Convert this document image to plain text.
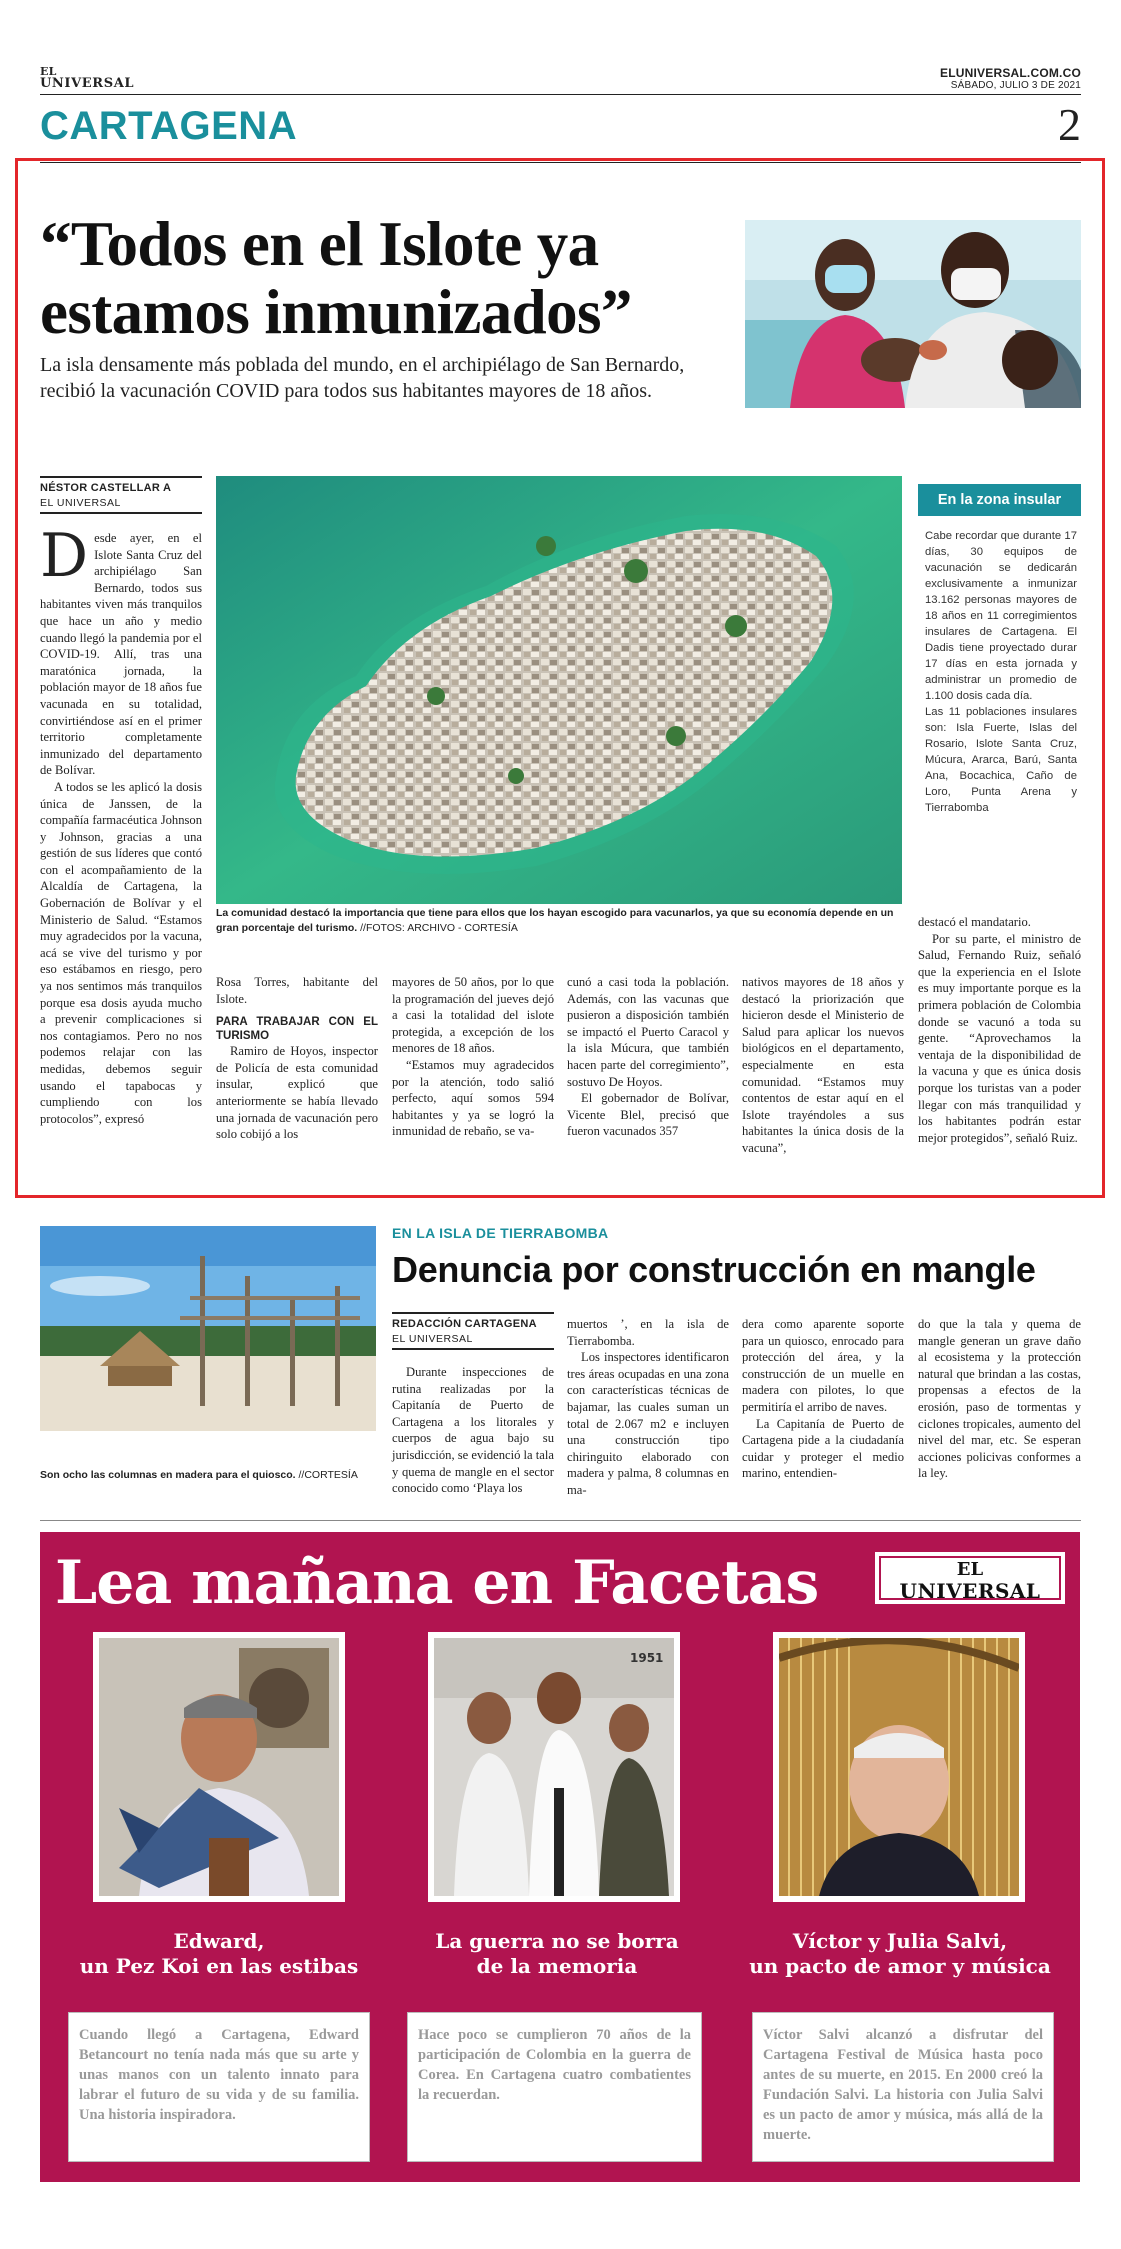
EL
UNIVERSAL
ELUNIVERSAL.COM.CO
SÁBADO, JULIO 3 DE 2021
CARTAGENA	2
“Todos en el Islote ya
estamos inmunizados”
La isla densamente más poblada del mundo, en el archipiélago de San Bernardo, recibió la vacunación COVID para todos sus habitantes mayores de 18 años.
NÉSTOR CASTELLAR A
EL UNIVERSAL
La comunidad destacó la importancia que tiene para ellos que los hayan escogido para vacunarlos, ya que su economía depende en un gran porcentaje del turismo. //FOTOS: ARCHIVO - CORTESÍA

Desde ayer, en el Islote Santa Cruz del archipiélago San Bernardo, todos sus habitantes viven más tranquilos que hace un año y medio cuando llegó la pandemia por el COVID-19. Allí, tras una maratónica jornada, la población mayor de 18 años fue vacunada en su totalidad, convirtiéndose así en el primer territorio completamente inmunizado del departamento de Bolívar.

A todos se les aplicó la dosis única de Janssen, de la compañía farmacéutica Johnson y Johnson, gracias a una gestión de sus líderes que contó con el acompañamiento de la Alcaldía de Cartagena, la Gobernación de Bolívar y el Ministerio de Salud. “Estamos muy agradecidos por la vacuna, acá se vive del turismo y por eso estábamos en riesgo, pero ya nos sentimos más tranquilos porque esa dosis ayuda mucho a prevenir complicaciones si nos contagiamos. Pero no nos podemos relajar con las medidas, debemos seguir usando el tapabocas y cumpliendo con los protocolos”, expresó

Rosa Torres, habitante del Islote.

PARA TRABAJAR CON EL TURISMO

Ramiro de Hoyos, inspector de Policía de esta comunidad insular, explicó que anteriormente se había llevado una jornada de vacunación pero solo cobijó a los

mayores de 50 años, por lo que la programación del jueves dejó a casi la totalidad del islote protegida, a excepción de los menores de 18 años.

“Estamos muy agradecidos por la atención, todo salió perfecto, aquí somos 594 habitantes y ya se logró la inmunidad de rebaño, se va-

cunó a casi toda la población. Además, con las vacunas que pusieron a disposición también se impactó el Puerto Caracol y la isla Múcura, que también hacen parte del corregimiento”, sostuvo De Hoyos.

El gobernador de Bolívar, Vicente Blel, precisó que fueron vacunados 357

nativos mayores de 18 años y destacó la priorización que hicieron desde el Ministerio de Salud para aplicar los nuevos biológicos en el departamento, especialmente en esta comunidad. “Estamos muy contentos de estar aquí en el Islote trayéndoles a sus habitantes la única dosis de la vacuna”,

destacó el mandatario.

Por su parte, el ministro de Salud, Fernando Ruiz, señaló que la experiencia en el Islote es muy importante porque es la primera población de Colombia donde se vacunó a toda su gente. “Aprovechamos la ventaja de la disponibilidad de la vacuna y que es única dosis porque los turistas van a poder llegar con más tranquilidad y los habitantes podrán estar mejor protegidos”, señaló Ruiz.

En la zona insular

Cabe recordar que durante 17 días, 30 equipos de vacunación se dedicarán exclusivamente a inmunizar 13.162 personas mayores de 18 años en 11 corregimientos insulares de Cartagena. El Dadis tiene proyectado durar 17 días en esta jornada y administrar un promedio de 1.100 dosis cada día.

Las 11 poblaciones insulares son: Isla Fuerte, Islas del Rosario, Islote Santa Cruz, Múcura, Ararca, Barú, Santa Ana, Bocachica, Caño de Loro, Punta Arena y Tierrabomba

Son ocho las columnas en madera para el quiosco. //CORTESÍA
EN LA ISLA DE TIERRABOMBA
Denuncia por construcción en mangle
REDACCIÓN CARTAGENA
EL UNIVERSAL

Durante inspecciones de rutina realizadas por la Capitanía de Puerto de Cartagena a los litorales y cuerpos de agua bajo su jurisdicción, se evidenció la tala y quema de mangle en el sector conocido como ‘Playa los

muertos ’, en la isla de Tierrabomba.

Los inspectores identificaron tres áreas ocupadas en una zona con características técnicas de bajamar, las cuales suman un total de 2.067 m2 e incluyen una construcción tipo chiringuito elaborado con madera y palma, 8 columnas en ma-

dera como aparente soporte para un quiosco, enrocado para protección del área, y la construcción de un muelle en madera con pilotes, lo que permitiría el arribo de naves.

La Capitanía de Puerto de Cartagena pide a la ciudadanía cuidar y proteger el medio marino, entendien-

do que la tala y quema de mangle generan un grave daño al ecosistema y la protección natural que brindan a las costas, propensas a efectos de la erosión, paso de tormentas y ciclones tropicales, aumento del nivel del mar, etc. Se esperan acciones policivas conformes a la ley.

Lea mañana en Facetas	EL
UNIVERSAL
Edward,
un Pez Koi en las estibas
Cuando llegó a Cartagena, Edward Betancourt no tenía nada más que su arte y unas manos con un talento innato para labrar el futuro de su vida y de su familia. Una historia inspiradora.
1951
La guerra no se borra
de la memoria
Hace poco se cumplieron 70 años de la participación de Colombia en la guerra de Corea. En Cartagena cuatro combatientes la recuerdan.
Víctor y Julia Salvi,
un pacto de amor y música
Víctor Salvi alcanzó a disfrutar del Cartagena Festival de Música hasta poco antes de su muerte, en 2015. En 2000 creó la Fundación Salvi. La historia con Julia Salvi es un pacto de amor y música, más allá de la muerte.
